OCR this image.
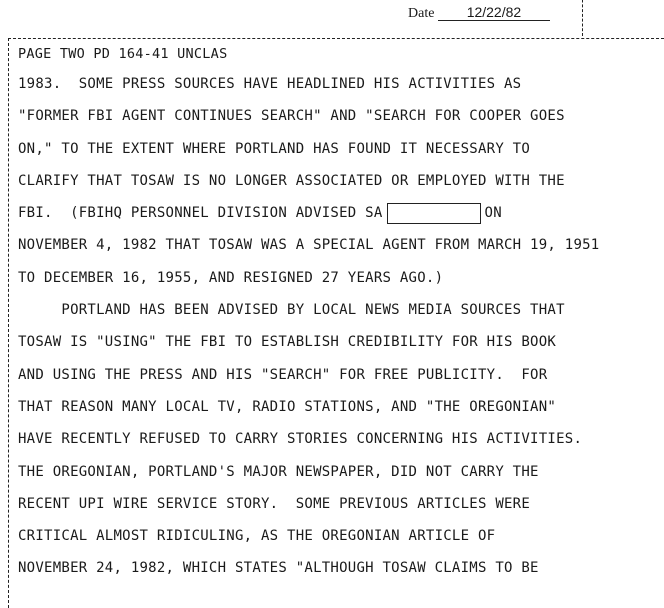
Date 12/22/82
PAGE TWO PD 164-41 UNCLAS
1983.  SOME PRESS SOURCES HAVE HEADLINED HIS ACTIVITIES AS
"FORMER FBI AGENT CONTINUES SEARCH" AND "SEARCH FOR COOPER GOES
ON," TO THE EXTENT WHERE PORTLAND HAS FOUND IT NECESSARY TO
CLARIFY THAT TOSAW IS NO LONGER ASSOCIATED OR EMPLOYED WITH THE
FBI.  (FBIHQ PERSONNEL DIVISION ADVISED SA	ON
NOVEMBER 4, 1982 THAT TOSAW WAS A SPECIAL AGENT FROM MARCH 19, 1951
TO DECEMBER 16, 1955, AND RESIGNED 27 YEARS AGO.)
PORTLAND HAS BEEN ADVISED BY LOCAL NEWS MEDIA SOURCES THAT
TOSAW IS "USING" THE FBI TO ESTABLISH CREDIBILITY FOR HIS BOOK
AND USING THE PRESS AND HIS "SEARCH" FOR FREE PUBLICITY.  FOR
THAT REASON MANY LOCAL TV, RADIO STATIONS, AND "THE OREGONIAN"
HAVE RECENTLY REFUSED TO CARRY STORIES CONCERNING HIS ACTIVITIES.
THE OREGONIAN, PORTLAND'S MAJOR NEWSPAPER, DID NOT CARRY THE
RECENT UPI WIRE SERVICE STORY.  SOME PREVIOUS ARTICLES WERE
CRITICAL ALMOST RIDICULING, AS THE OREGONIAN ARTICLE OF
NOVEMBER 24, 1982, WHICH STATES "ALTHOUGH TOSAW CLAIMS TO BE
